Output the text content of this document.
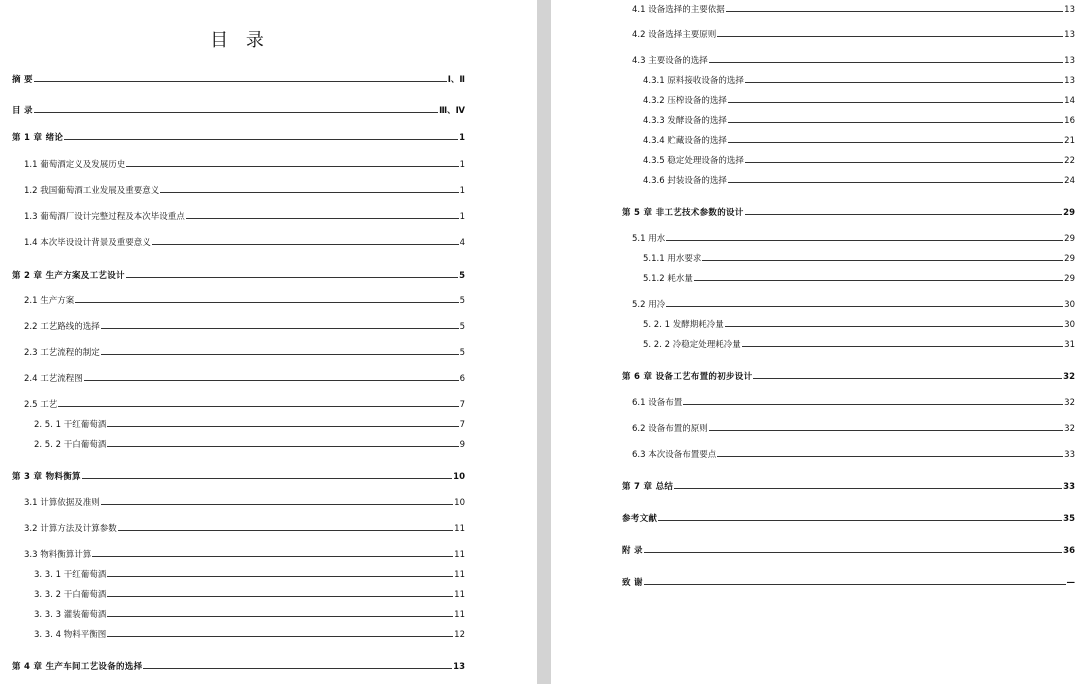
目 录
摘 要	Ⅰ、Ⅱ
目 录	Ⅲ、Ⅳ
第 1 章 绪论	1
1.1 葡萄酒定义及发展历史	1
1.2 我国葡萄酒工业发展及重要意义	1
1.3 葡萄酒厂设计完整过程及本次毕设重点	1
1.4 本次毕设设计背景及重要意义	4
第 2 章 生产方案及工艺设计	5
2.1 生产方案	5
2.2 工艺路线的选择	5
2.3 工艺流程的制定	5
2.4 工艺流程图	6
2.5 工艺	7
2. 5. 1 干红葡萄酒	7
2. 5. 2 干白葡萄酒	9
第 3 章 物料衡算	10
3.1 计算依据及准则	10
3.2 计算方法及计算参数	11
3.3 物料衡算计算	11
3. 3. 1 干红葡萄酒	11
3. 3. 2 干白葡萄酒	11
3. 3. 3 灌装葡萄酒	11
3. 3. 4 物料平衡图	12
第 4 章 生产车间工艺设备的选择	13
4.1 设备选择的主要依据	13
4.2 设备选择主要原则	13
4.3 主要设备的选择	13
4.3.1 原料接收设备的选择	13
4.3.2 压榨设备的选择	14
4.3.3 发酵设备的选择	16
4.3.4 贮藏设备的选择	21
4.3.5 稳定处理设备的选择	22
4.3.6 封装设备的选择	24
第 5 章 非工艺技术参数的设计	29
5.1 用水	29
5.1.1 用水要求	29
5.1.2 耗水量	29
5.2 用冷	30
5. 2. 1 发酵期耗冷量	30
5. 2. 2 冷稳定处理耗冷量	31
第 6 章 设备工艺布置的初步设计	32
6.1 设备布置	32
6.2 设备布置的原则	32
6.3 本次设备布置要点	33
第 7 章 总结	33
参考文献	35
附 录	36
致 谢	—
